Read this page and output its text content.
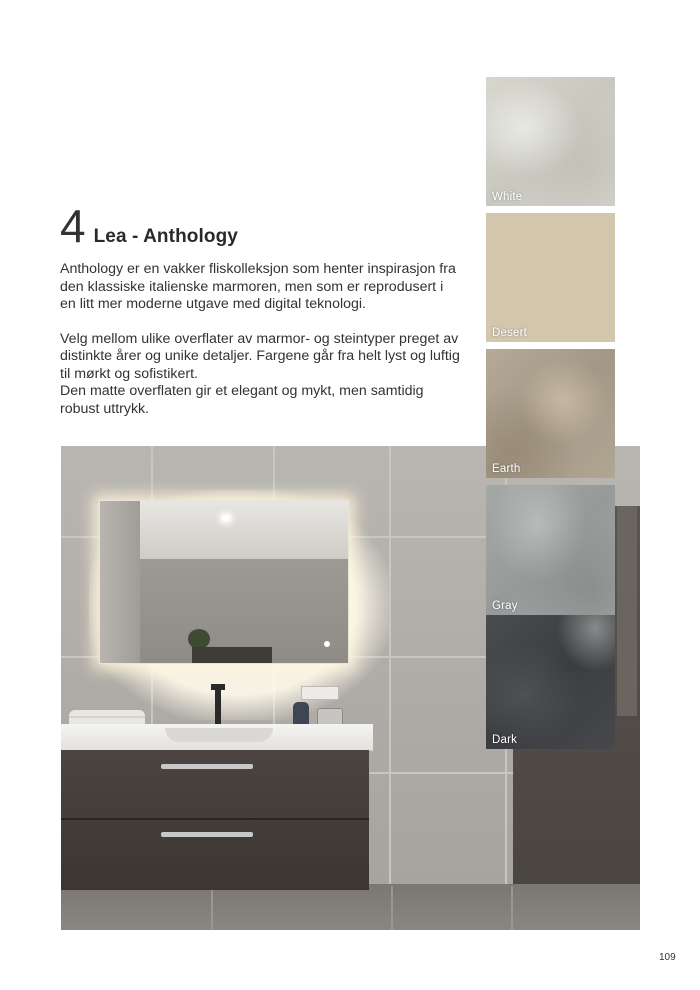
4 Lea - Anthology

Anthology er en vakker fliskolleksjon som henter inspirasjon fra den klassiske italienske marmoren, men som er reprodusert i en litt mer moderne utgave med digital teknologi.

Velg mellom ulike overflater av marmor- og steintyper preget av distinkte årer og unike detaljer. Fargene går fra helt lyst og luftig til mørkt og sofistikert.

Den matte overflaten gir et elegant og mykt, men samtidig robust uttrykk.

White
Desert
Earth
Gray
Dark
109
